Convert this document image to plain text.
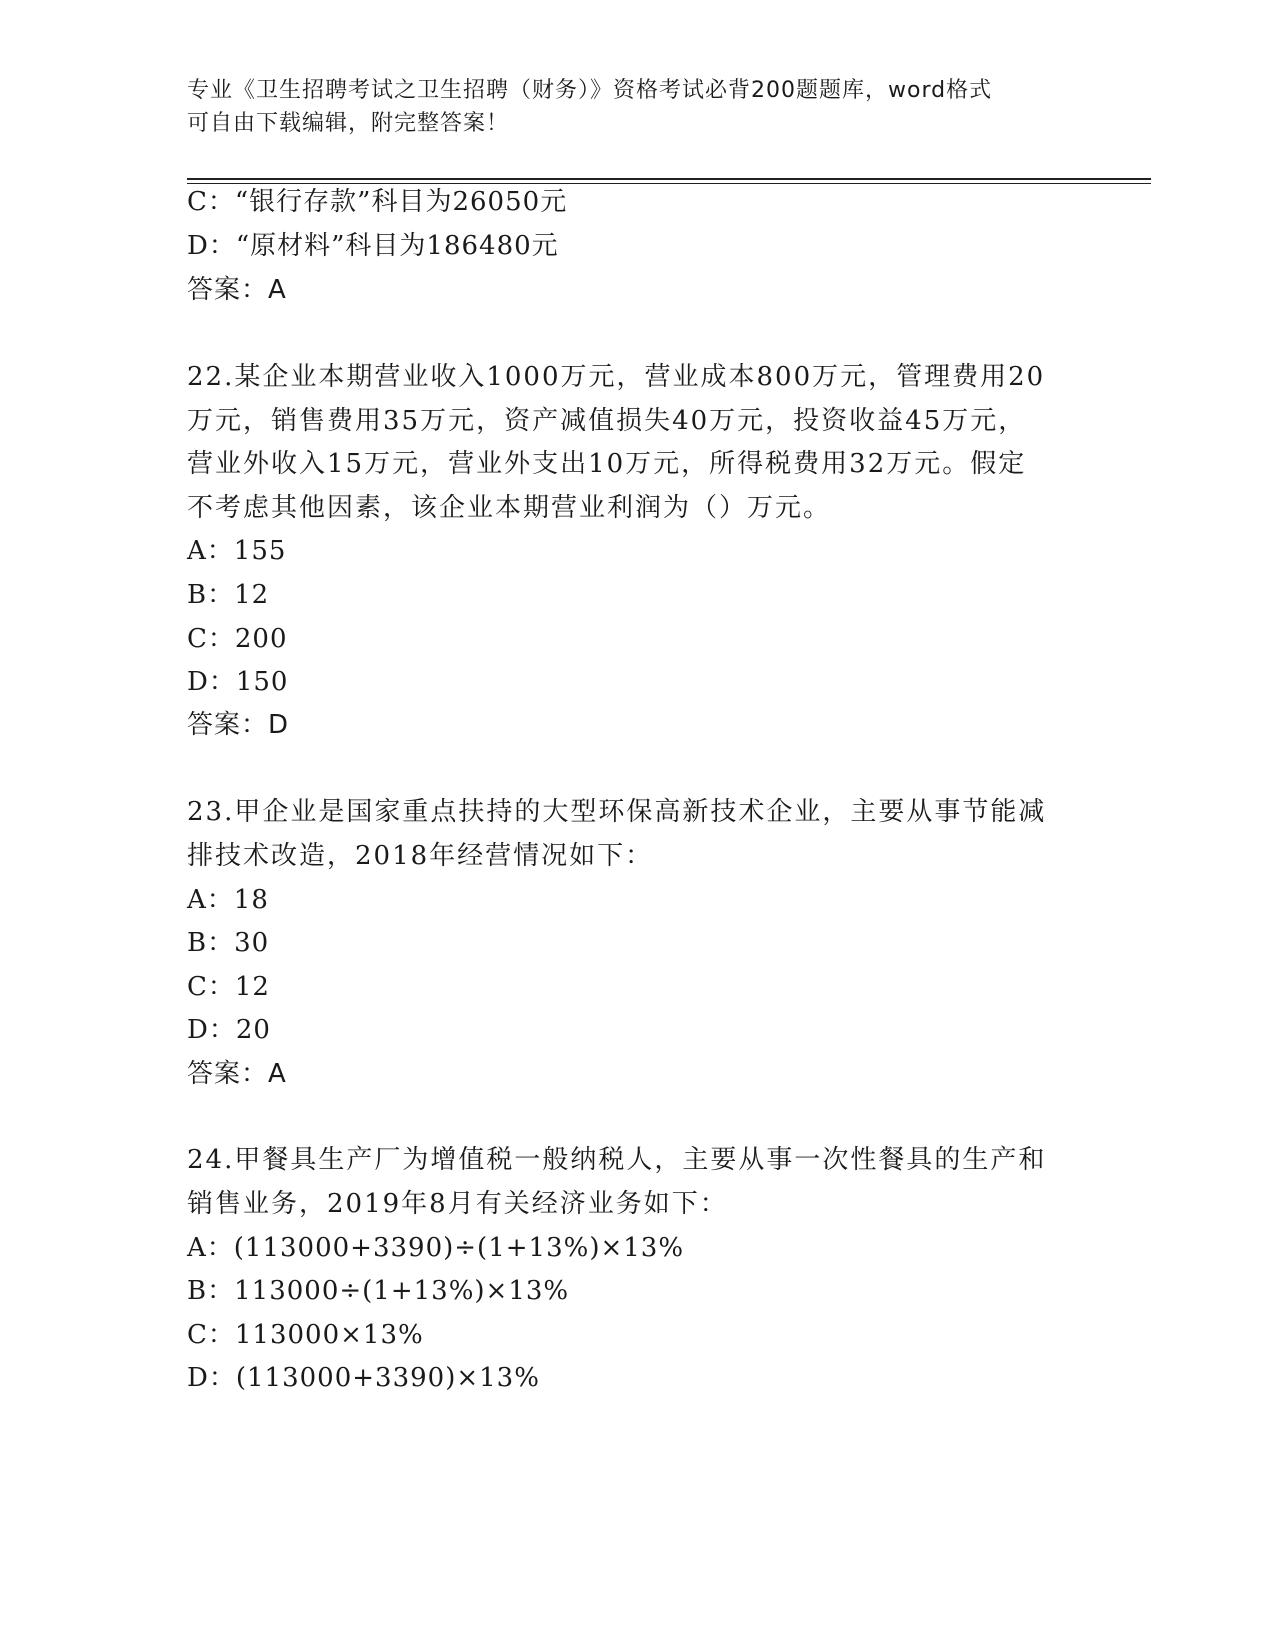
专业《卫生招聘考试之卫生招聘（财务）》资格考试必背200题题库，word格式
可自由下载编辑，附完整答案！
C：“银行存款”科目为26050元
D：“原材料”科目为186480元
答案：A
22.某企业本期营业收入1000万元，营业成本800万元，管理费用20
万元，销售费用35万元，资产减值损失40万元，投资收益45万元，
营业外收入15万元，营业外支出10万元，所得税费用32万元。假定
不考虑其他因素，该企业本期营业利润为（）万元。
A：155
B：12
C：200
D：150
答案：D
23.甲企业是国家重点扶持的大型环保高新技术企业，主要从事节能减
排技术改造，2018年经营情况如下：
A：18
B：30
C：12
D：20
答案：A
24.甲餐具生产厂为增值税一般纳税人，主要从事一次性餐具的生产和
销售业务，2019年8月有关经济业务如下：
A：(113000+3390)÷(1+13%)×13%
B：113000÷(1+13%)×13%
C：113000×13%
D：(113000+3390)×13%
